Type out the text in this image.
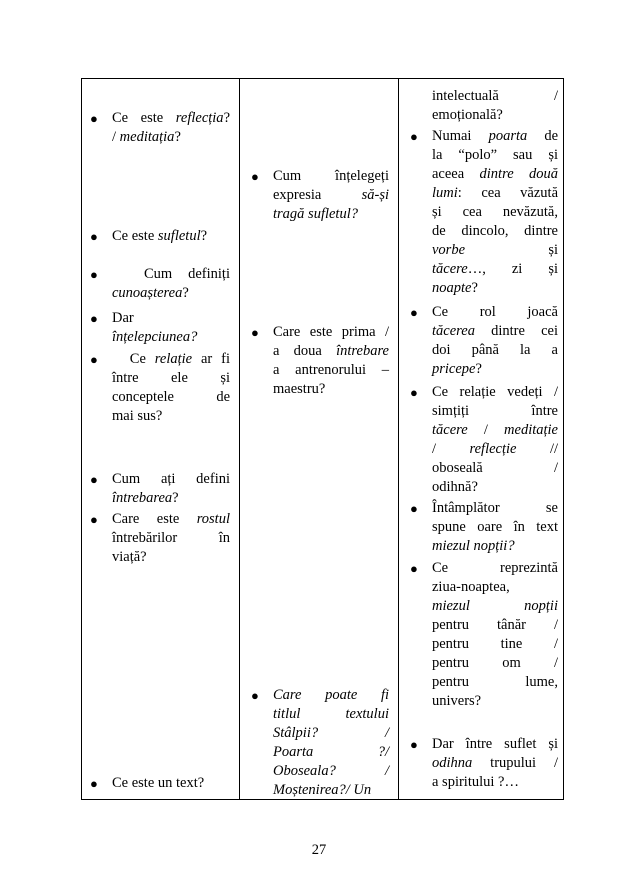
● Ce este reflecția?
/ meditația?
● Ce este sufletul?
● Cum definiți
cunoașterea?
● Dar
înțelepciunea?
● Ce relație ar fi
între ele și
conceptele de
mai sus?
● Cum ați defini
întrebarea?
● Care este rostul
întrebărilor în
viață?
● Ce este un text?
● Cum înțelegeți
expresia să-și
tragă sufletul?
● Care este prima /
a doua întrebare
a antrenorului –
maestru?
● Care poate fi
titlul textului
Stâlpii? /
Poarta ?/
Oboseala? /
Moștenirea?/ Un
intelectuală /
emoțională?
● Numai poarta de
la “polo” sau și
aceea dintre două
lumi: cea văzută
și cea nevăzută,
de dincolo, dintre
vorbe și
tăcere…, zi și
noapte?
● Ce rol joacă
tăcerea dintre cei
doi până la a
pricepe?
● Ce relație vedeți /
simțiți între
tăcere / meditație
/ reflecție //
oboseală /
odihnă?
● Întâmplător se
spune oare în text
miezul nopții?
● Ce reprezintă
ziua-noaptea,
miezul nopții
pentru tânăr /
pentru tine /
pentru om /
pentru lume,
univers?
● Dar între suflet și
odihna trupului /
a spiritului ?…
27
